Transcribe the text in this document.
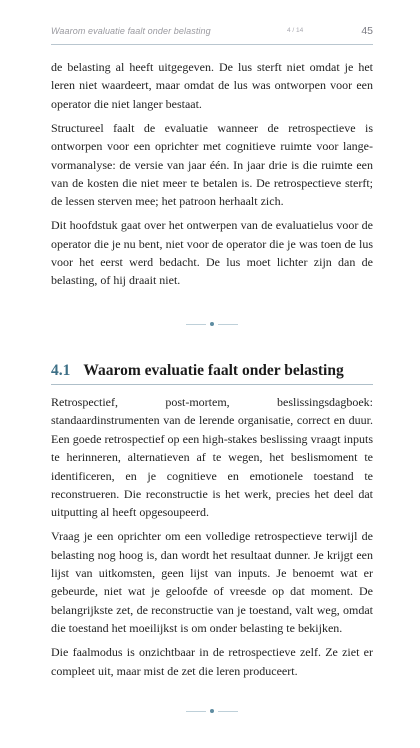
Waarom evaluatie faalt onder belasting	4 / 14	45

de belasting al heeft uitgegeven. De lus sterft niet omdat je het leren niet waardeert, maar omdat de lus was ontworpen voor een operator die niet langer bestaat.

Structureel faalt de evaluatie wanneer de retrospectieve is ontworpen voor een oprichter met cognitieve ruimte voor lange-vormanalyse: de versie van jaar één. In jaar drie is die ruimte een van de kosten die niet meer te betalen is. De retrospectieve sterft; de lessen sterven mee; het patroon herhaalt zich.

Dit hoofdstuk gaat over het ontwerpen van de evaluatielus voor de operator die je nu bent, niet voor de operator die je was toen de lus voor het eerst werd bedacht. De lus moet lichter zijn dan de belasting, of hij draait niet.

4.1 Waarom evaluatie faalt onder belasting

Retrospectief, post-mortem, beslissingsdagboek: standaardinstrumenten van de lerende organisatie, correct en duur. Een goede retrospectief op een high-stakes beslissing vraagt inputs te herinneren, alternatieven af te wegen, het beslismoment te identificeren, en je cognitieve en emotionele toestand te reconstrueren. Die reconstructie is het werk, precies het deel dat uitputting al heeft opgesoupeerd.

Vraag je een oprichter om een volledige retrospectieve terwijl de belasting nog hoog is, dan wordt het resultaat dunner. Je krijgt een lijst van uitkomsten, geen lijst van inputs. Je benoemt wat er gebeurde, niet wat je geloofde of vreesde op dat moment. De belangrijkste zet, de reconstructie van je toestand, valt weg, omdat die toestand het moeilijkst is om onder belasting te bekijken.

Die faalmodus is onzichtbaar in de retrospectieve zelf. Ze ziet er compleet uit, maar mist de zet die leren produceert.
